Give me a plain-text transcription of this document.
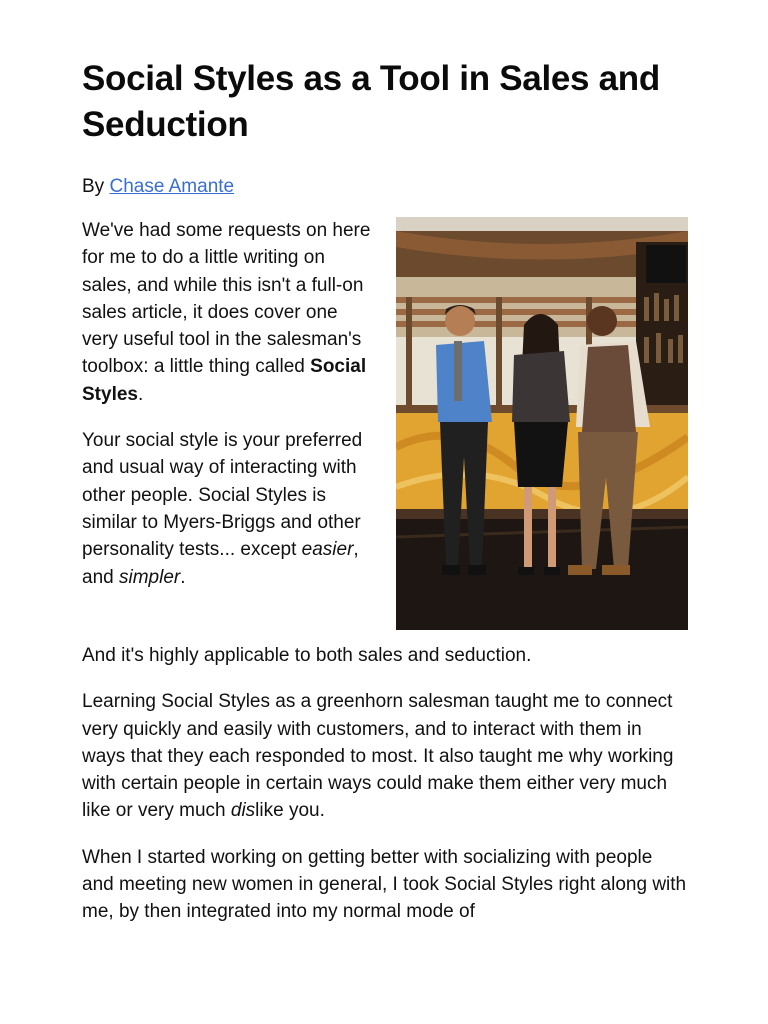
Social Styles as a Tool in Sales and Seduction
By Chase Amante

We've had some requests on here for me to do a little writing on sales, and while this isn't a full-on sales article, it does cover one very useful tool in the salesman's toolbox: a little thing called Social Styles.

Your social style is your preferred and usual way of interacting with other people. Social Styles is similar to Myers-Briggs and other personality tests... except easier, and simpler.

And it's highly applicable to both sales and seduction.

Learning Social Styles as a greenhorn salesman taught me to connect very quickly and easily with customers, and to interact with them in ways that they each responded to most. It also taught me why working with certain people in certain ways could make them either very much like or very much dislike you.

When I started working on getting better with socializing with people and meeting new women in general, I took Social Styles right along with me, by then integrated into my normal mode of
